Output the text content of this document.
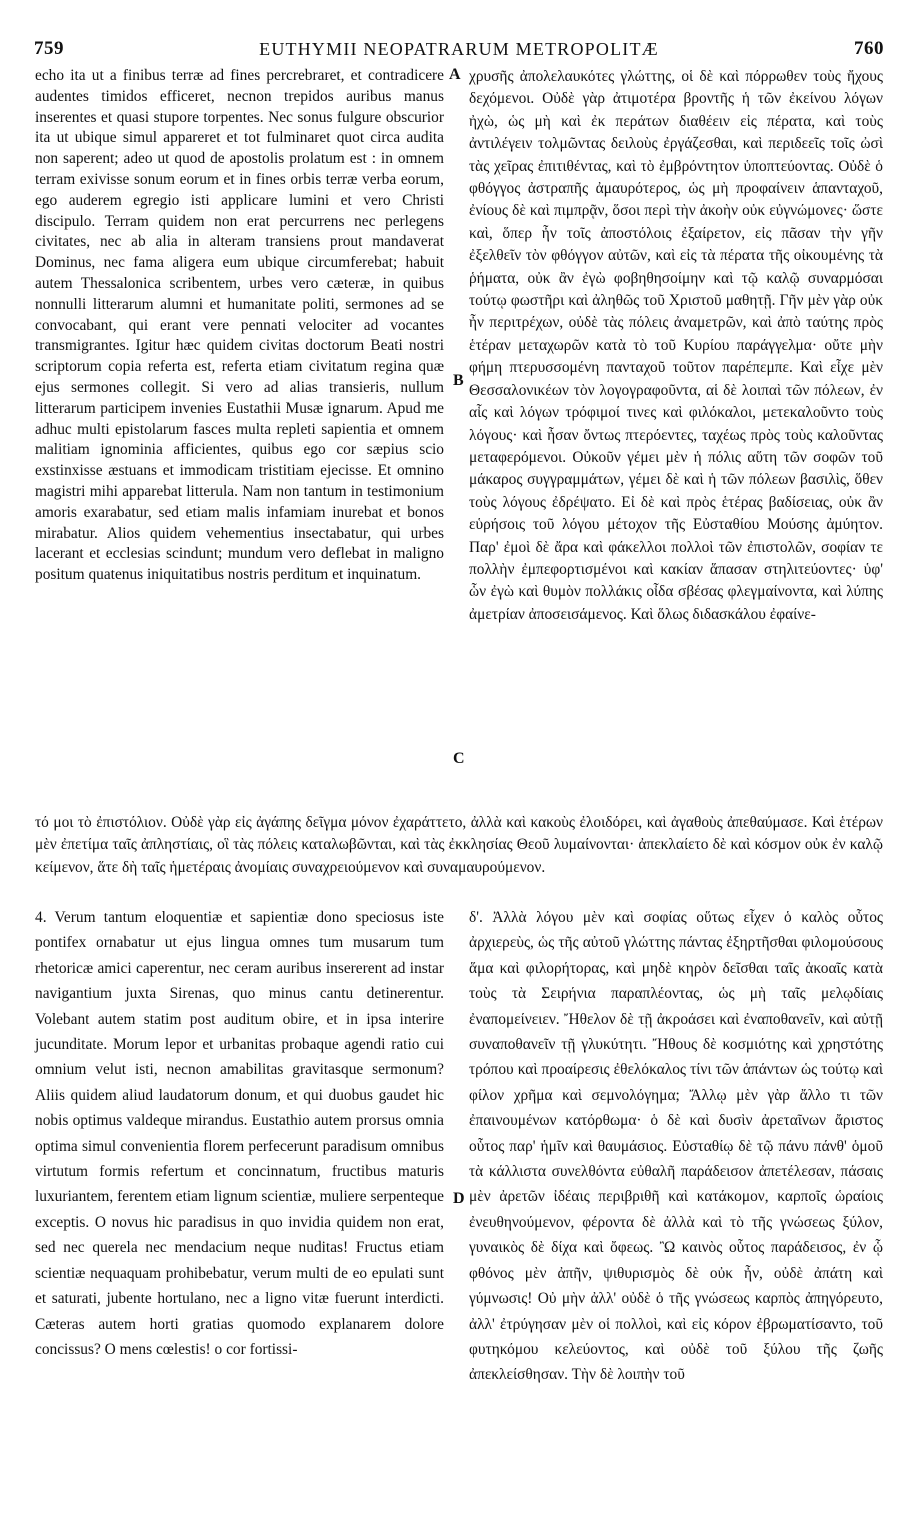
759	EUTHYMII NEOPATRARUM METROPOLITÆ	760

echo ita ut a finibus terræ ad fines percrebraret, et contradicere audentes timidos efficeret, necnon trepidos auribus manus inserentes et quasi stupore torpentes. Nec sonus fulgure obscurior ita ut ubique simul appareret et tot fulminaret quot circa audita non saperent; adeo ut quod de apostolis prolatum est : in omnem terram exivisse sonum eorum et in fines orbis terræ verba eorum, ego auderem egregio isti applicare lumini et vero Christi discipulo. Terram quidem non erat percurrens nec perlegens civitates, nec ab alia in alteram transiens prout mandaverat Dominus, nec fama aligera eum ubique circumferebat; habuit autem Thessalonica scribentem, urbes vero cæteræ, in quibus nonnulli litterarum alumni et humanitate politi, sermones ad se convocabant, qui erant vere pennati velociter ad vocantes transmigrantes. Igitur hæc quidem civitas doctorum Beati nostri scriptorum copia referta est, referta etiam civitatum regina quæ ejus sermones collegit. Si vero ad alias transieris, nullum litterarum participem invenies Eustathii Musæ ignarum. Apud me adhuc multi epistolarum fasces multa repleti sapientia et omnem malitiam ignominia afficientes, quibus ego cor sæpius scio exstinxisse æstuans et immodicam tristitiam ejecisse. Et omnino magistri mihi apparebat litterula. Nam non tantum in testimonium amoris exarabatur, sed etiam malis infamiam inurebat et bonos mirabatur. Alios quidem vehementius insectabatur, qui urbes lacerant et ecclesias scindunt; mundum vero deflebat in maligno positum quatenus iniquitatibus nostris perditum et inquinatum.

χρυσῆς ἀπολελαυκότες γλώττης, οἱ δὲ καὶ πόρρωθεν τοὺς ἤχους δεχόμενοι. Οὐδὲ γὰρ ἀτιμοτέρα βροντῆς ἡ τῶν ἐκείνου λόγων ἠχὼ, ὡς μὴ καὶ ἐκ περάτων διαθέειν εἰς πέρατα, καὶ τοὺς ἀντιλέγειν τολμῶντας δειλοὺς ἐργάζεσθαι, καὶ περιδεεῖς τοῖς ὠσὶ τὰς χεῖρας ἐπιτιθέντας, καὶ τὸ ἐμβρόντητον ὑποπτεύοντας. Οὐδὲ ὁ φθόγγος ἀστραπῆς ἀμαυρότερος, ὡς μὴ προφαίνειν ἁπανταχοῦ, ἐνίους δὲ καὶ πιμπρᾷν, ὅσοι περὶ τὴν ἀκοὴν οὐκ εὐγνώμονες· ὥστε καὶ, ὅπερ ἦν τοῖς ἀποστόλοις ἐξαίρετον, εἰς πᾶσαν τὴν γῆν ἐξελθεῖν τὸν φθόγγον αὐτῶν, καὶ εἰς τὰ πέρατα τῆς οἰκουμένης τὰ ῥήματα, οὐκ ἂν ἐγὼ φοβηθησοίμην καὶ τῷ καλῷ συναρμόσαι τούτῳ φωστῆρι καὶ ἀληθῶς τοῦ Χριστοῦ μαθητῇ. Γῆν μὲν γὰρ οὐκ ἦν περιτρέχων, οὐδὲ τὰς πόλεις ἀναμετρῶν, καὶ ἀπὸ ταύτης πρὸς ἑτέραν μεταχωρῶν κατὰ τὸ τοῦ Κυρίου παράγγελμα· οὔτε μὴν φήμη πτερυσσομένη πανταχοῦ τοῦτον παρέπεμπε. Καὶ εἶχε μὲν Θεσσαλονικέων τὸν λογογραφοῦντα, αἱ δὲ λοιπαὶ τῶν πόλεων, ἐν αἷς καὶ λόγων τρόφιμοί τινες καὶ φιλόκαλοι, μετεκαλοῦντο τοὺς λόγους· καὶ ἦσαν ὄντως πτερόεντες, ταχέως πρὸς τοὺς καλοῦντας μεταφερόμενοι. Οὐκοῦν γέμει μὲν ἡ πόλις αὕτη τῶν σοφῶν τοῦ μάκαρος συγγραμμάτων, γέμει δὲ καὶ ἡ τῶν πόλεων βασιλὶς, ὅθεν τοὺς λόγους ἐδρέψατο. Εἰ δὲ καὶ πρὸς ἑτέρας βαδίσειας, οὐκ ἂν εὑρήσοις τοῦ λόγου μέτοχον τῆς Εὐσταθίου Μούσης ἀμύητον. Παρ' ἐμοὶ δὲ ἄρα καὶ φάκελλοι πολλοὶ τῶν ἐπιστολῶν, σοφίαν τε πολλὴν ἐμπεφορτισμένοι καὶ κακίαν ἅπασαν στηλιτεύοντες· ὑφ' ὧν ἐγὼ καὶ θυμὸν πολλάκις οἶδα σβέσας φλεγμαίνοντα, καὶ λύπης ἀμετρίαν ἀποσεισάμενος. Καὶ ὅλως διδασκάλου ἐφαίνε-

A
B
C

τό μοι τὸ ἐπιστόλιον. Οὐδὲ γὰρ εἰς ἀγάπης δεῖγμα μόνον ἐχαράττετο, ἀλλὰ καὶ κακοὺς ἐλοιδόρει, καὶ ἀγαθοὺς ἀπεθαύμασε. Καὶ ἑτέρων μὲν ἐπετίμα ταῖς ἀπληστίαις, οἳ τὰς πόλεις καταλωβῶνται, καὶ τὰς ἐκκλησίας Θεοῦ λυμαίνονται· ἀπεκλαίετο δὲ καὶ κόσμον οὐκ ἐν καλῷ κείμενον, ἅτε δὴ ταῖς ἡμετέραις ἀνομίαις συναχρειούμενον καὶ συναμαυρούμενον.

4. Verum tantum eloquentiæ et sapientiæ dono speciosus iste pontifex ornabatur ut ejus lingua omnes tum musarum tum rhetoricæ amici caperentur, nec ceram auribus insererent ad instar navigantium juxta Sirenas, quo minus cantu detinerentur. Volebant autem statim post auditum obire, et in ipsa interire jucunditate. Morum lepor et urbanitas probaque agendi ratio cui omnium velut isti, necnon amabilitas gravitasque sermonum? Aliis quidem aliud laudatorum donum, et qui duobus gaudet hic nobis optimus valdeque mirandus. Eustathio autem prorsus omnia optima simul convenientia florem perfecerunt paradisum omnibus virtutum formis refertum et concinnatum, fructibus maturis luxuriantem, ferentem etiam lignum scientiæ, muliere serpenteque exceptis. O novus hic paradisus in quo invidia quidem non erat, sed nec querela nec mendacium neque nuditas! Fructus etiam scientiæ nequaquam prohibebatur, verum multi de eo epulati sunt et saturati, jubente hortulano, nec a ligno vitæ fuerunt interdicti. Cæteras autem horti gratias quomodo explanarem dolore concissus? O mens cœlestis! o cor fortissi-

δ'. Ἀλλὰ λόγου μὲν καὶ σοφίας οὕτως εἶχεν ὁ καλὸς οὗτος ἀρχιερεὺς, ὡς τῆς αὐτοῦ γλώττης πάντας ἐξηρτῆσθαι φιλομούσους ἅμα καὶ φιλορήτορας, καὶ μηδὲ κηρὸν δεῖσθαι ταῖς ἀκοαῖς κατὰ τοὺς τὰ Σειρήνια παραπλέοντας, ὡς μὴ ταῖς μελῳδίαις ἐναπομείνειεν. Ἤθελον δὲ τῇ ἀκροάσει καὶ ἐναποθανεῖν, καὶ αὐτῇ συναποθανεῖν τῇ γλυκύτητι. Ἤθους δὲ κοσμιότης καὶ χρηστότης τρόπου καὶ προαίρεσις ἐθελόκαλος τίνι τῶν ἁπάντων ὡς τούτῳ καὶ φίλον χρῆμα καὶ σεμνολόγημα; Ἄλλῳ μὲν γὰρ ἄλλο τι τῶν ἐπαινουμένων κατόρθωμα· ὁ δὲ καὶ δυσὶν ἀρεταῖνων ἄριστος οὗτος παρ' ἡμῖν καὶ θαυμάσιος. Εὐσταθίῳ δὲ τῷ πάνυ πάνθ' ὁμοῦ τὰ κάλλιστα συνελθόντα εὐθαλῆ παράδεισον ἀπετέλεσαν, πάσαις μὲν ἀρετῶν ἰδέαις περιβριθῆ καὶ κατάκομον, καρποῖς ὡραίοις ἐνευθηνούμενον, φέροντα δὲ ἀλλὰ καὶ τὸ τῆς γνώσεως ξύλον, γυναικὸς δὲ δίχα καὶ ὄφεως. Ὢ καινὸς οὗτος παράδεισος, ἐν ᾧ φθόνος μὲν ἀπῆν, ψιθυρισμὸς δὲ οὐκ ἦν, οὐδὲ ἀπάτη καὶ γύμνωσις! Οὐ μὴν ἀλλ' οὐδὲ ὁ τῆς γνώσεως καρπὸς ἀπηγόρευτο, ἀλλ' ἐτρύγησαν μὲν οἱ πολλοὶ, καὶ εἰς κόρον ἐβρωματίσαντο, τοῦ φυτηκόμου κελεύοντος, καὶ οὐδὲ τοῦ ξύλου τῆς ζωῆς ἀπεκλείσθησαν. Τὴν δὲ λοιπὴν τοῦ

D
